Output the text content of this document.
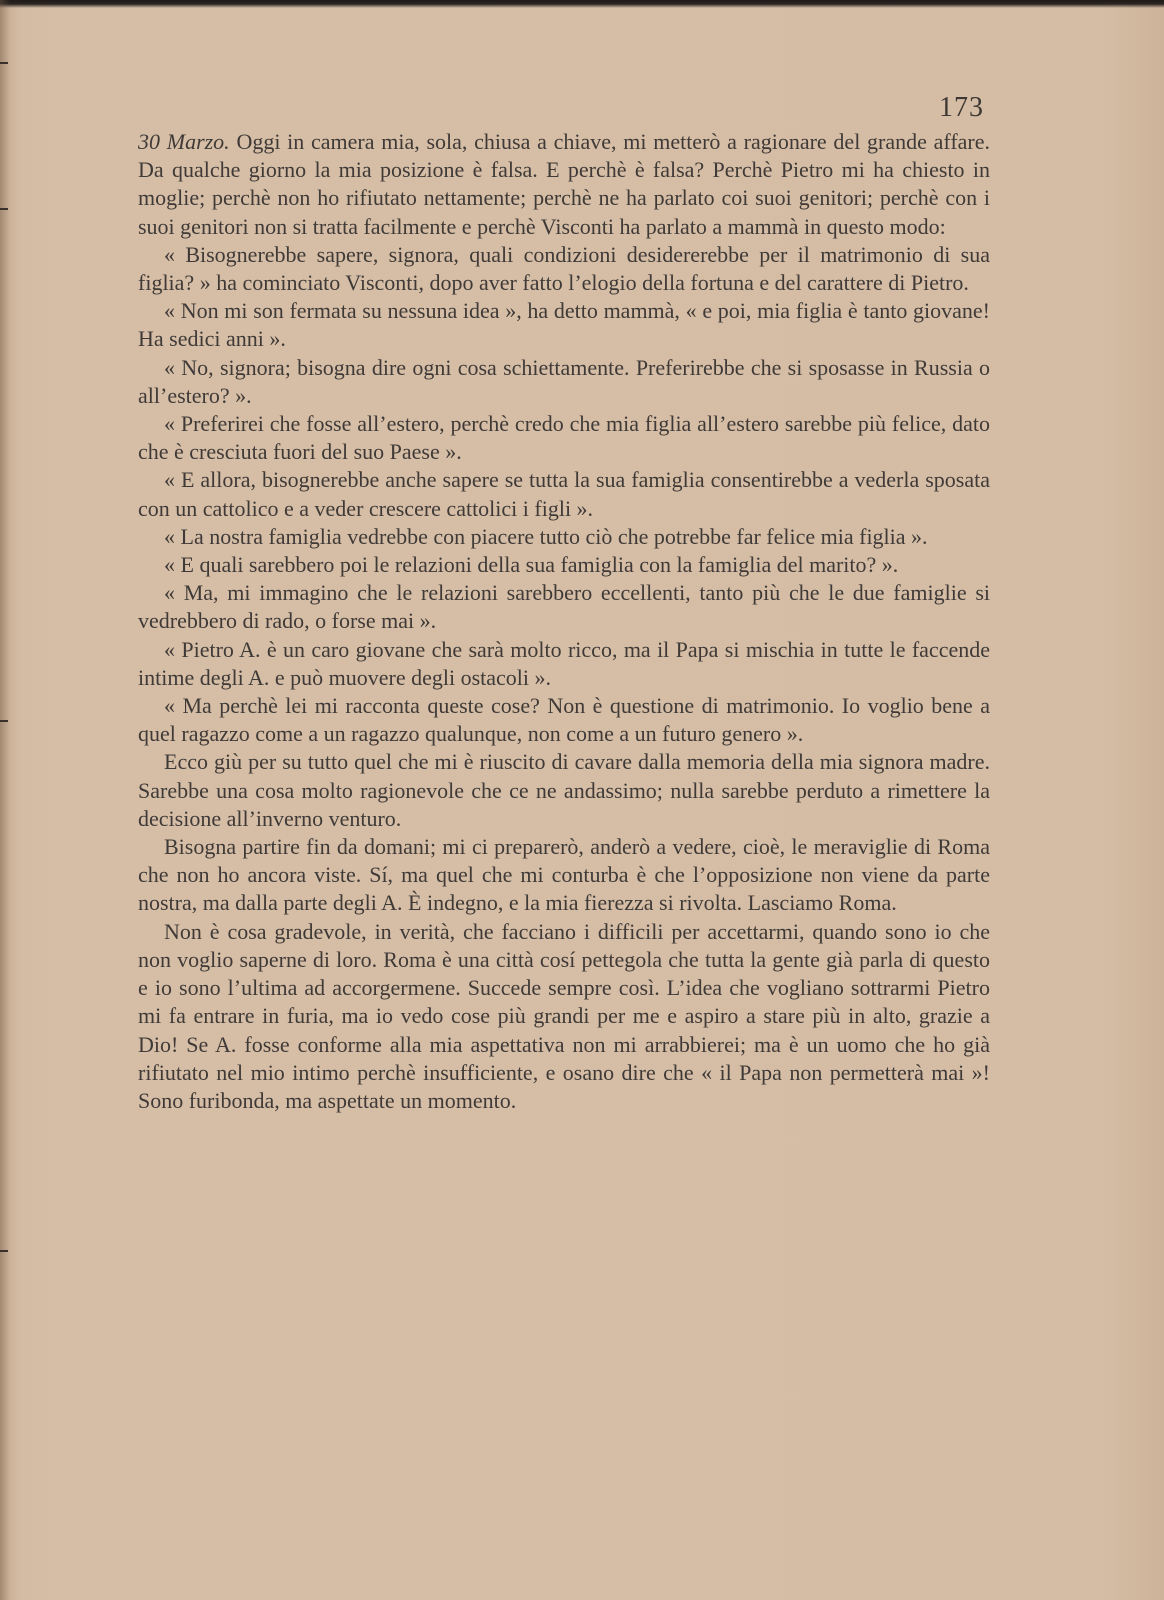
173

30 Marzo. Oggi in camera mia, sola, chiusa a chiave, mi metterò a ragionare del grande affare. Da qualche giorno la mia posizione è falsa. E perchè è falsa? Perchè Pietro mi ha chiesto in moglie; perchè non ho rifiutato nettamente; perchè ne ha parlato coi suoi genitori; perchè con i suoi genitori non si tratta facilmente e perchè Visconti ha parlato a mammà in questo modo:

« Bisognerebbe sapere, signora, quali condizioni desidererebbe per il matrimonio di sua figlia? » ha cominciato Visconti, dopo aver fatto l’elogio della fortuna e del carattere di Pietro.

« Non mi son fermata su nessuna idea », ha detto mammà, « e poi, mia figlia è tanto giovane! Ha sedici anni ».

« No, signora; bisogna dire ogni cosa schiettamente. Preferirebbe che si sposasse in Russia o all’estero? ».

« Preferirei che fosse all’estero, perchè credo che mia figlia all’estero sarebbe più felice, dato che è cresciuta fuori del suo Paese ».

« E allora, bisognerebbe anche sapere se tutta la sua famiglia consentirebbe a vederla sposata con un cattolico e a veder crescere cattolici i figli ».

« La nostra famiglia vedrebbe con piacere tutto ciò che potrebbe far felice mia figlia ».

« E quali sarebbero poi le relazioni della sua famiglia con la famiglia del marito? ».

« Ma, mi immagino che le relazioni sarebbero eccellenti, tanto più che le due famiglie si vedrebbero di rado, o forse mai ».

« Pietro A. è un caro giovane che sarà molto ricco, ma il Papa si mischia in tutte le faccende intime degli A. e può muovere degli ostacoli ».

« Ma perchè lei mi racconta queste cose? Non è questione di matrimonio. Io voglio bene a quel ragazzo come a un ragazzo qualunque, non come a un futuro genero ».

Ecco giù per su tutto quel che mi è riuscito di cavare dalla memoria della mia signora madre. Sarebbe una cosa molto ragionevole che ce ne andassimo; nulla sarebbe perduto a rimettere la decisione all’inverno venturo.

Bisogna partire fin da domani; mi ci preparerò, anderò a vedere, cioè, le meraviglie di Roma che non ho ancora viste. Sí, ma quel che mi conturba è che l’opposizione non viene da parte nostra, ma dalla parte degli A. È indegno, e la mia fierezza si rivolta. Lasciamo Roma.

Non è cosa gradevole, in verità, che facciano i difficili per accettarmi, quando sono io che non voglio saperne di loro. Roma è una città cosí pettegola che tutta la gente già parla di questo e io sono l’ultima ad accorgermene. Succede sempre così. L’idea che vogliano sottrarmi Pietro mi fa entrare in furia, ma io vedo cose più grandi per me e aspiro a stare più in alto, grazie a Dio! Se A. fosse conforme alla mia aspettativa non mi arrabbierei; ma è un uomo che ho già rifiutato nel mio intimo perchè insufficiente, e osano dire che « il Papa non permetterà mai »! Sono furibonda, ma aspettate un momento.
